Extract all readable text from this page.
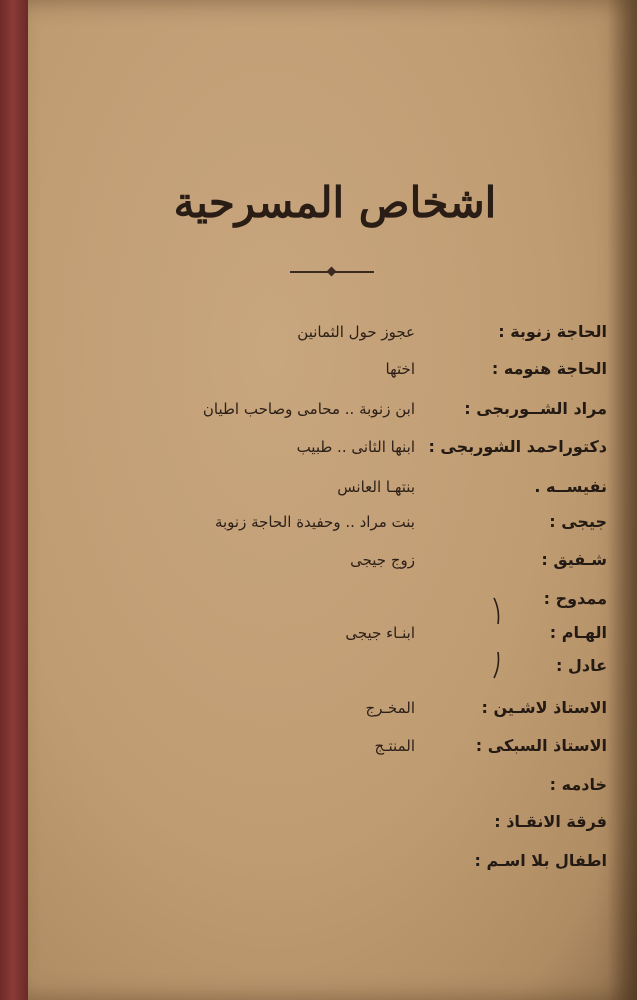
اشخاص المسرحية
الحاجة زنوبة :
عجوز حول الثمانين
الحاجة هنومه :
اختها
مراد الشــوربجى :
ابن زنوبة .. محامى وصاحب اطيان
دكتوراحمد الشوربجى :
ابنها الثانى .. طبيب
نفيســه .
بنتهـا العانس
جيجى :
بنت مراد .. وحفيدة الحاجة زنوبة
شـفيق :
زوج جيجى
ممدوح :
الهـام :
ابنـاء جيجى
عادل :
الاستاذ لاشـين :
المخـرج
الاستاذ السبكى :
المنتـج
خادمه :
فرقة الانقـاذ :
اطفال بلا اسـم :
